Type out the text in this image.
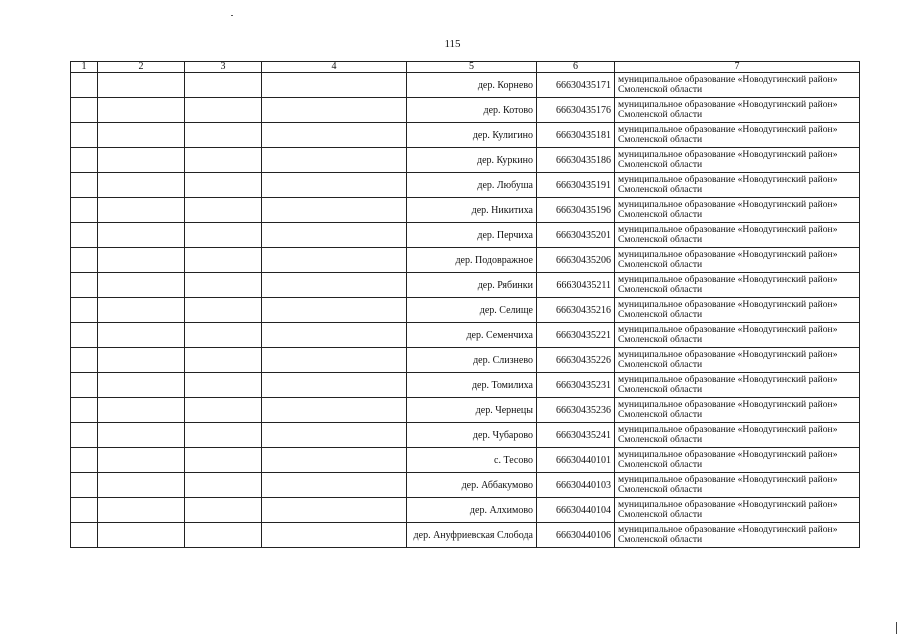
115
1	2	3	4	5	6	7
				дер. Корнево	66630435171	муниципальное образование «Новодугинский район» Смоленской области
				дер. Котово	66630435176	муниципальное образование «Новодугинский район» Смоленской области
				дер. Кулигино	66630435181	муниципальное образование «Новодугинский район» Смоленской области
				дер. Куркино	66630435186	муниципальное образование «Новодугинский район» Смоленской области
				дер. Любуша	66630435191	муниципальное образование «Новодугинский район» Смоленской области
				дер. Никитиха	66630435196	муниципальное образование «Новодугинский район» Смоленской области
				дер. Перчиха	66630435201	муниципальное образование «Новодугинский район» Смоленской области
				дер. Подовражное	66630435206	муниципальное образование «Новодугинский район» Смоленской области
				дер. Рябинки	66630435211	муниципальное образование «Новодугинский район» Смоленской области
				дер. Селище	66630435216	муниципальное образование «Новодугинский район» Смоленской области
				дер. Семенчиха	66630435221	муниципальное образование «Новодугинский район» Смоленской области
				дер. Слизнево	66630435226	муниципальное образование «Новодугинский район» Смоленской области
				дер. Томилиха	66630435231	муниципальное образование «Новодугинский район» Смоленской области
				дер. Чернецы	66630435236	муниципальное образование «Новодугинский район» Смоленской области
				дер. Чубарово	66630435241	муниципальное образование «Новодугинский район» Смоленской области
				с. Тесово	66630440101	муниципальное образование «Новодугинский район» Смоленской области
				дер. Аббакумово	66630440103	муниципальное образование «Новодугинский район» Смоленской области
				дер. Алхимово	66630440104	муниципальное образование «Новодугинский район» Смоленской области
				дер. Ануфриевская Слобода	66630440106	муниципальное образование «Новодугинский район» Смоленской области
